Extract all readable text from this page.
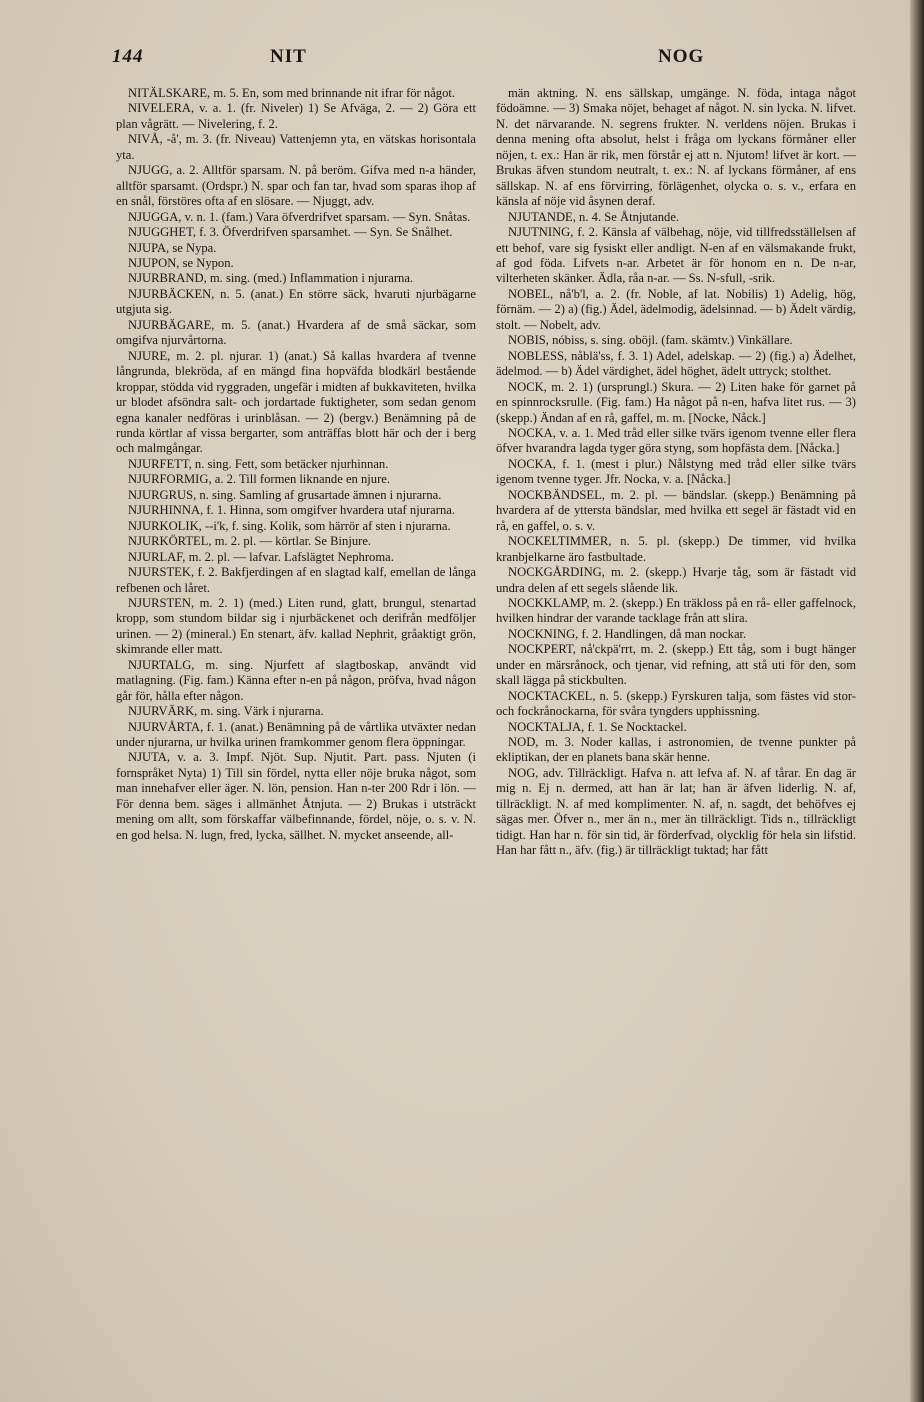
144	NIT	NOG
NITÄLSKARE, m. 5. En, som med brinnande nit ifrar för något.
NIVELERA, v. a. 1. (fr. Niveler) 1) Se Afväga, 2. — 2) Göra ett plan vågrätt. — Nivelering, f. 2.
NIVÅ, -å', m. 3. (fr. Niveau) Vattenjemn yta, en vätskas horisontala yta.
NJUGG, a. 2. Alltför sparsam. N. på beröm. Gifva med n-a händer, alltför sparsamt. (Ordspr.) N. spar och fan tar, hvad som sparas ihop af en snål, förstöres ofta af en slösare. — Njuggt, adv.
NJUGGA, v. n. 1. (fam.) Vara öfverdrifvet sparsam. — Syn. Snåtas.
NJUGGHET, f. 3. Öfverdrifven sparsamhet. — Syn. Se Snålhet.
NJUPA, se Nypa.
NJUPON, se Nypon.
NJURBRAND, m. sing. (med.) Inflammation i njurarna.
NJURBÄCKEN, n. 5. (anat.) En större säck, hvaruti njurbägarne utgjuta sig.
NJURBÄGARE, m. 5. (anat.) Hvardera af de små säckar, som omgifva njurvårtorna.
NJURE, m. 2. pl. njurar. 1) (anat.) Så kallas hvardera af tvenne långrunda, blekröda, af en mängd fina hopväfda blodkärl bestående kroppar, stödda vid ryggraden, ungefär i midten af bukkaviteten, hvilka ur blodet afsöndra salt- och jordartade fuktigheter, som sedan genom egna kanaler nedföras i urinblåsan. — 2) (bergv.) Benämning på de runda körtlar af vissa bergarter, som anträffas blott här och der i berg och malmgångar.
NJURFETT, n. sing. Fett, som betäcker njurhinnan.
NJURFORMIG, a. 2. Till formen liknande en njure.
NJURGRUS, n. sing. Samling af grusartade ämnen i njurarna.
NJURHINNA, f. 1. Hinna, som omgifver hvardera utaf njurarna.
NJURKOLIK, --i'k, f. sing. Kolik, som härrör af sten i njurarna.
NJURKÖRTEL, m. 2. pl. — körtlar. Se Binjure.
NJURLAF, m. 2. pl. — lafvar. Lafslägtet Nephroma.
NJURSTEK, f. 2. Bakfjerdingen af en slagtad kalf, emellan de långa refbenen och låret.
NJURSTEN, m. 2. 1) (med.) Liten rund, glatt, brungul, stenartad kropp, som stundom bildar sig i njurbäckenet och derifrån medföljer urinen. — 2) (mineral.) En stenart, äfv. kallad Nephrit, gråaktigt grön, skimrande eller matt.
NJURTALG, m. sing. Njurfett af slagtboskap, användt vid matlagning. (Fig. fam.) Känna efter n-en på någon, pröfva, hvad någon går för, hålla efter någon.
NJURVÄRK, m. sing. Värk i njurarna.
NJURVÅRTA, f. 1. (anat.) Benämning på de vårtlika utväxter nedan under njurarna, ur hvilka urinen framkommer genom flera öppningar.
NJUTA, v. a. 3. Impf. Njöt. Sup. Njutit. Part. pass. Njuten (i fornspråket Nyta) 1) Till sin fördel, nytta eller nöje bruka något, som man innehafver eller äger. N. lön, pension. Han n-ter 200 Rdr i lön. — För denna bem. säges i allmänhet Åtnjuta. — 2) Brukas i utsträckt mening om allt, som förskaffar välbefinnande, fördel, nöje, o. s. v. N. en god helsa. N. lugn, fred, lycka, sällhet. N. mycket anseende, all-
män aktning. N. ens sällskap, umgänge. N. föda, intaga något födoämne. — 3) Smaka nöjet, behaget af något. N. sin lycka. N. lifvet. N. det närvarande. N. segrens frukter. N. verldens nöjen. Brukas i denna mening ofta absolut, helst i fråga om lyckans förmåner eller nöjen, t. ex.: Han är rik, men förstår ej att n. Njutom! lifvet är kort. — Brukas äfven stundom neutralt, t. ex.: N. af lyckans förmåner, af ens sällskap. N. af ens förvirring, förlägenhet, olycka o. s. v., erfara en känsla af nöje vid åsynen deraf.
NJUTANDE, n. 4. Se Åtnjutande.
NJUTNING, f. 2. Känsla af välbehag, nöje, vid tillfredsställelsen af ett behof, vare sig fysiskt eller andligt. N-en af en välsmakande frukt, af god föda. Lifvets n-ar. Arbetet är för honom en n. De n-ar, vilterheten skänker. Ädla, råa n-ar. — Ss. N-sfull, -srik.
NOBEL, nå'b'l, a. 2. (fr. Noble, af lat. Nobilis) 1) Adelig, hög, förnäm. — 2) a) (fig.) Ädel, ädelmodig, ädelsinnad. — b) Ädelt värdig, stolt. — Nobelt, adv.
NOBIS, nóbiss, s. sing. oböjl. (fam. skämtv.) Vinkällare.
NOBLESS, nåblä'ss, f. 3. 1) Adel, adelskap. — 2) (fig.) a) Ädelhet, ädelmod. — b) Ädel värdighet, ädel höghet, ädelt uttryck; stolthet.
NOCK, m. 2. 1) (ursprungl.) Skura. — 2) Liten hake för garnet på en spinnrocksrulle. (Fig. fam.) Ha något på n-en, hafva litet rus. — 3) (skepp.) Ändan af en rå, gaffel, m. m. [Nocke, Nåck.]
NOCKA, v. a. 1. Med tråd eller silke tvärs igenom tvenne eller flera öfver hvarandra lagda tyger göra styng, som hopfästa dem. [Nåcka.]
NOCKA, f. 1. (mest i plur.) Nålstyng med tråd eller silke tvärs igenom tvenne tyger. Jfr. Nocka, v. a. [Nåcka.]
NOCKBÄNDSEL, m. 2. pl. — bändslar. (skepp.) Benämning på hvardera af de yttersta bändslar, med hvilka ett segel är fästadt vid en rå, en gaffel, o. s. v.
NOCKELTIMMER, n. 5. pl. (skepp.) De timmer, vid hvilka kranbjelkarne äro fastbultade.
NOCKGÅRDING, m. 2. (skepp.) Hvarje tåg, som är fästadt vid undra delen af ett segels slående lik.
NOCKKLAMP, m. 2. (skepp.) En träkloss på en rå- eller gaffelnock, hvilken hindrar der varande tacklage från att slira.
NOCKNING, f. 2. Handlingen, då man nockar.
NOCKPERT, nå'ckpä'rrt, m. 2. (skepp.) Ett tåg, som i bugt hänger under en märsrånock, och tjenar, vid refning, att stå uti för den, som skall lägga på stickbulten.
NOCKTACKEL, n. 5. (skepp.) Fyrskuren talja, som fästes vid stor- och fockrånockarna, för svåra tyngders upphissning.
NOCKTALJA, f. 1. Se Nocktackel.
NOD, m. 3. Noder kallas, i astronomien, de tvenne punkter på ekliptikan, der en planets bana skär henne.
NOG, adv. Tillräckligt. Hafva n. att lefva af. N. af tårar. En dag är mig n. Ej n. dermed, att han är lat; han är äfven liderlig. N. af, tillräckligt. N. af med komplimenter. N. af, n. sagdt, det behöfves ej sägas mer. Öfver n., mer än n., mer än tillräckligt. Tids n., tillräckligt tidigt. Han har n. för sin tid, är förderfvad, olycklig för hela sin lifstid. Han har fått n., äfv. (fig.) är tillräckligt tuktad; har fått
